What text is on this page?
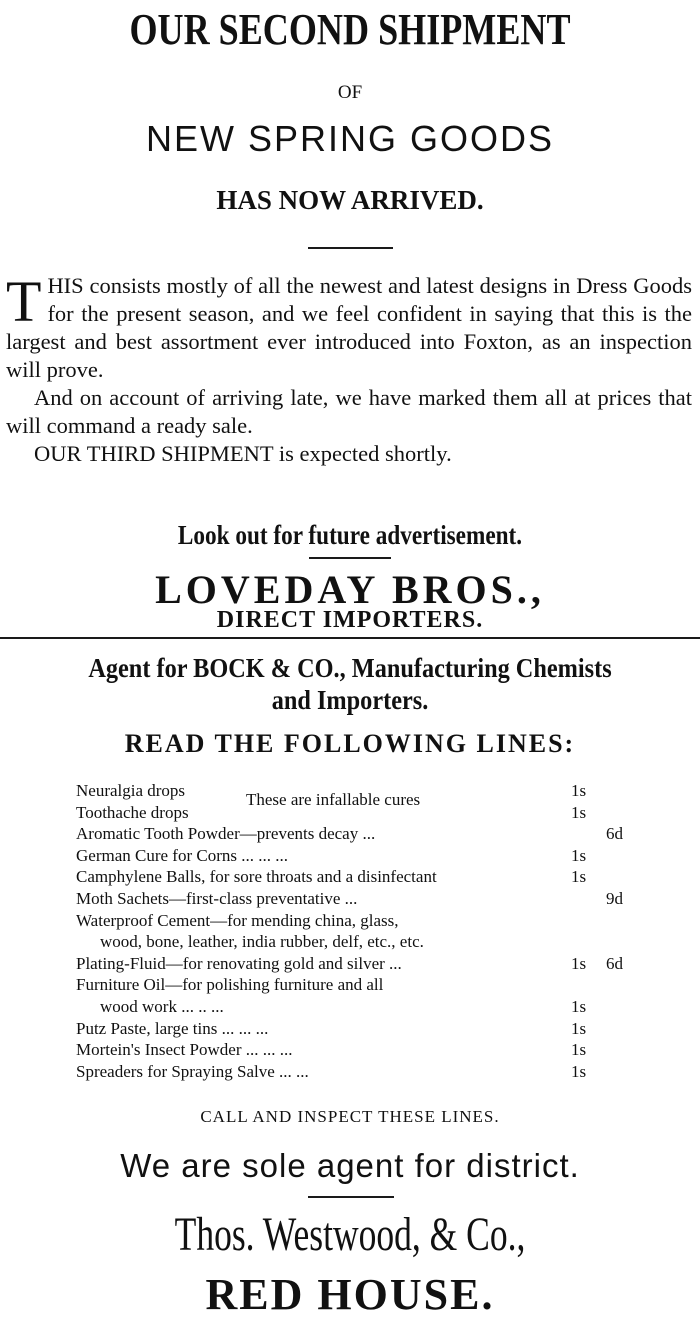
OUR SECOND SHIPMENT
OF
NEW SPRING GOODS
HAS NOW ARRIVED.

T HIS consists mostly of all the newest and latest designs in Dress Goods for the present season, and we feel confident in saying that this is the largest and best assortment ever introduced into Foxton, as an inspection will prove.

And on account of arriving late, we have marked them all at prices that will command a ready sale.

OUR THIRD SHIPMENT is expected shortly.

Look out for future advertisement.
LOVEDAY BROS.,
DIRECT IMPORTERS.
Agent for BOCK & CO., Manufacturing Chemists
and Importers.
READ THE FOLLOWING LINES:
These are infallable cures
Neuralgia drops	1s
Toothache drops	1s
Aromatic Tooth Powder—prevents decay ...	6d
German Cure for Corns ... ... ...	1s
Camphylene Balls, for sore throats and a disinfectant	1s
Moth Sachets—first-class preventative ...	9d
Waterproof Cement—for mending china, glass,
wood, bone, leather, india rubber, delf, etc., etc.
Plating-Fluid—for renovating gold and silver ...	1s 6d
Furniture Oil—for polishing furniture and all
wood work ... .. ...	1s
Putz Paste, large tins ... ... ...	1s
Mortein's Insect Powder ... ... ...	1s
Spreaders for Spraying Salve ... ...	1s
CALL AND INSPECT THESE LINES.
We are sole agent for district.
Thos. Westwood, & Co.,
RED HOUSE.
